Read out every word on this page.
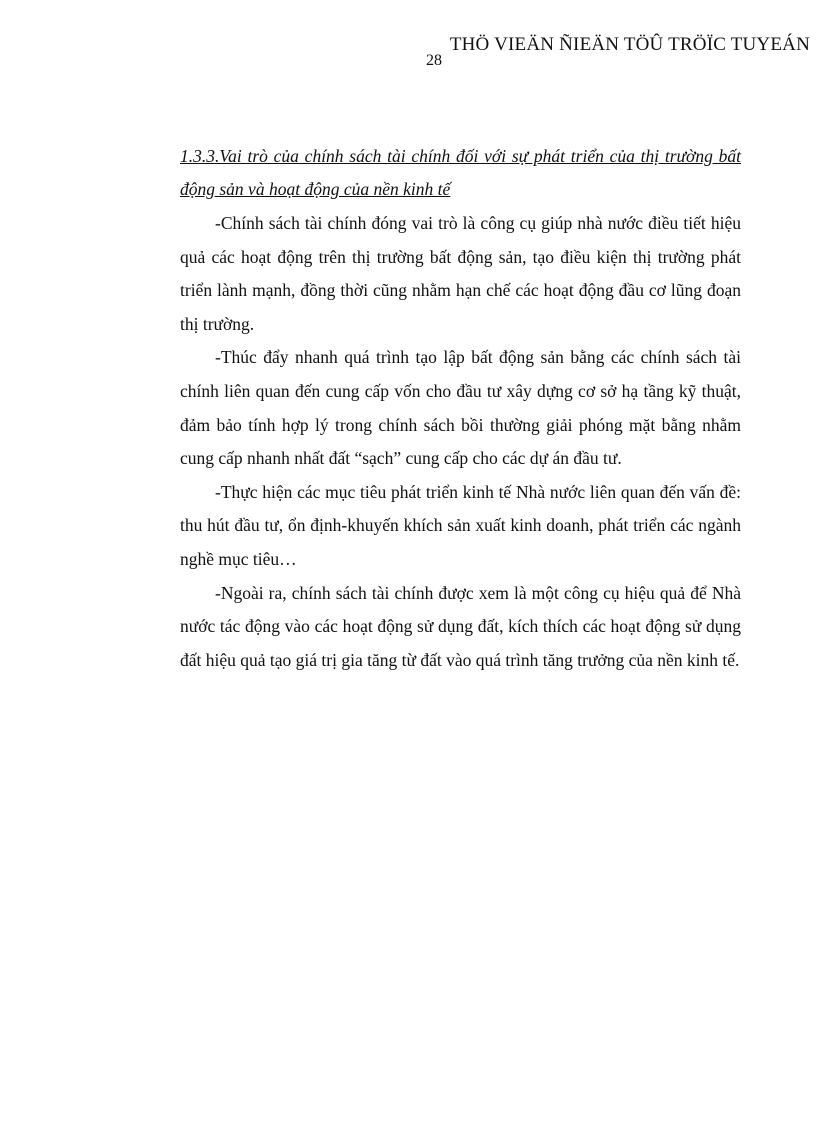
THÖ VIEÄN ÑIEÄN TÖÛ TRÖÏC TUYEÁN
28

1.3.3.Vai trò của chính sách tài chính đối với sự phát triển của thị trường bất động sản và hoạt động của nền kinh tế

-Chính sách tài chính đóng vai trò là công cụ giúp nhà nước điều tiết hiệu quả các hoạt động trên thị trường bất động sản, tạo điều kiện thị trường phát triển lành mạnh, đồng thời cũng nhằm hạn chế các hoạt động đầu cơ lũng đoạn thị trường.

-Thúc đẩy nhanh quá trình tạo lập bất động sản bằng các chính sách tài chính liên quan đến cung cấp vốn cho đầu tư xây dựng cơ sở hạ tầng kỹ thuật, đảm bảo tính hợp lý trong chính sách bồi thường giải phóng mặt bằng nhằm cung cấp nhanh nhất đất “sạch” cung cấp cho các dự án đầu tư.

-Thực hiện các mục tiêu phát triển kinh tế Nhà nước liên quan đến vấn đề: thu hút đầu tư, ổn định-khuyến khích sản xuất kinh doanh, phát triển các ngành nghề mục tiêu…

-Ngoài ra, chính sách tài chính được xem là một công cụ hiệu quả để Nhà nước tác động vào các hoạt động sử dụng đất, kích thích các hoạt động sử dụng đất hiệu quả tạo giá trị gia tăng từ đất vào quá trình tăng trưởng của nền kinh tế.
